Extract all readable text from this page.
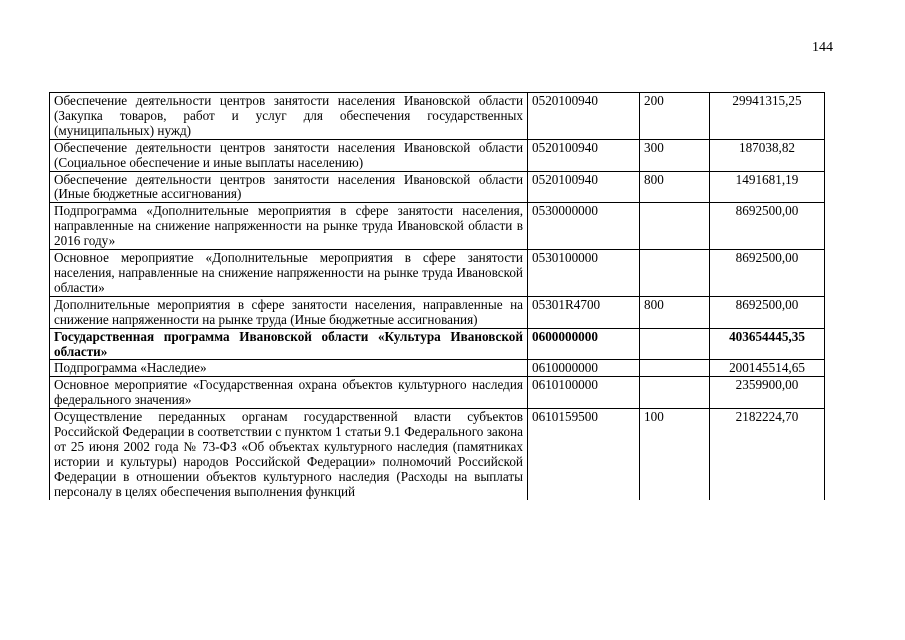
144
Обеспечение деятельности центров занятости населения Ивановской области (Закупка товаров, работ и услуг для обеспечения государственных (муниципальных) нужд)	0520100940	200	29941315,25
Обеспечение деятельности центров занятости населения Ивановской области (Социальное обеспечение и иные выплаты населению)	0520100940	300	187038,82
Обеспечение деятельности центров занятости населения Ивановской области (Иные бюджетные ассигнования)	0520100940	800	1491681,19
Подпрограмма «Дополнительные мероприятия в сфере занятости населения, направленные на снижение напряженности на рынке труда Ивановской области в 2016 году»	0530000000		8692500,00
Основное мероприятие «Дополнительные мероприятия в сфере занятости населения, направленные на снижение напряженности на рынке труда Ивановской области»	0530100000		8692500,00
Дополнительные мероприятия в сфере занятости населения, направленные на снижение напряженности на рынке труда (Иные бюджетные ассигнования)	05301R4700	800	8692500,00
Государственная программа Ивановской области «Культура Ивановской области»	0600000000		403654445,35
Подпрограмма «Наследие»	0610000000		200145514,65
Основное мероприятие «Государственная охрана объектов культурного наследия федерального значения»	0610100000		2359900,00
Осуществление переданных органам государственной власти субъектов Российской Федерации в соответствии с пунктом 1 статьи 9.1 Федерального закона от 25 июня 2002 года № 73-ФЗ «Об объектах культурного наследия (памятниках истории и культуры) народов Российской Федерации» полномочий Российской Федерации в отношении объектов культурного наследия (Расходы на выплаты персоналу в целях обеспечения выполнения функций	0610159500	100	2182224,70
